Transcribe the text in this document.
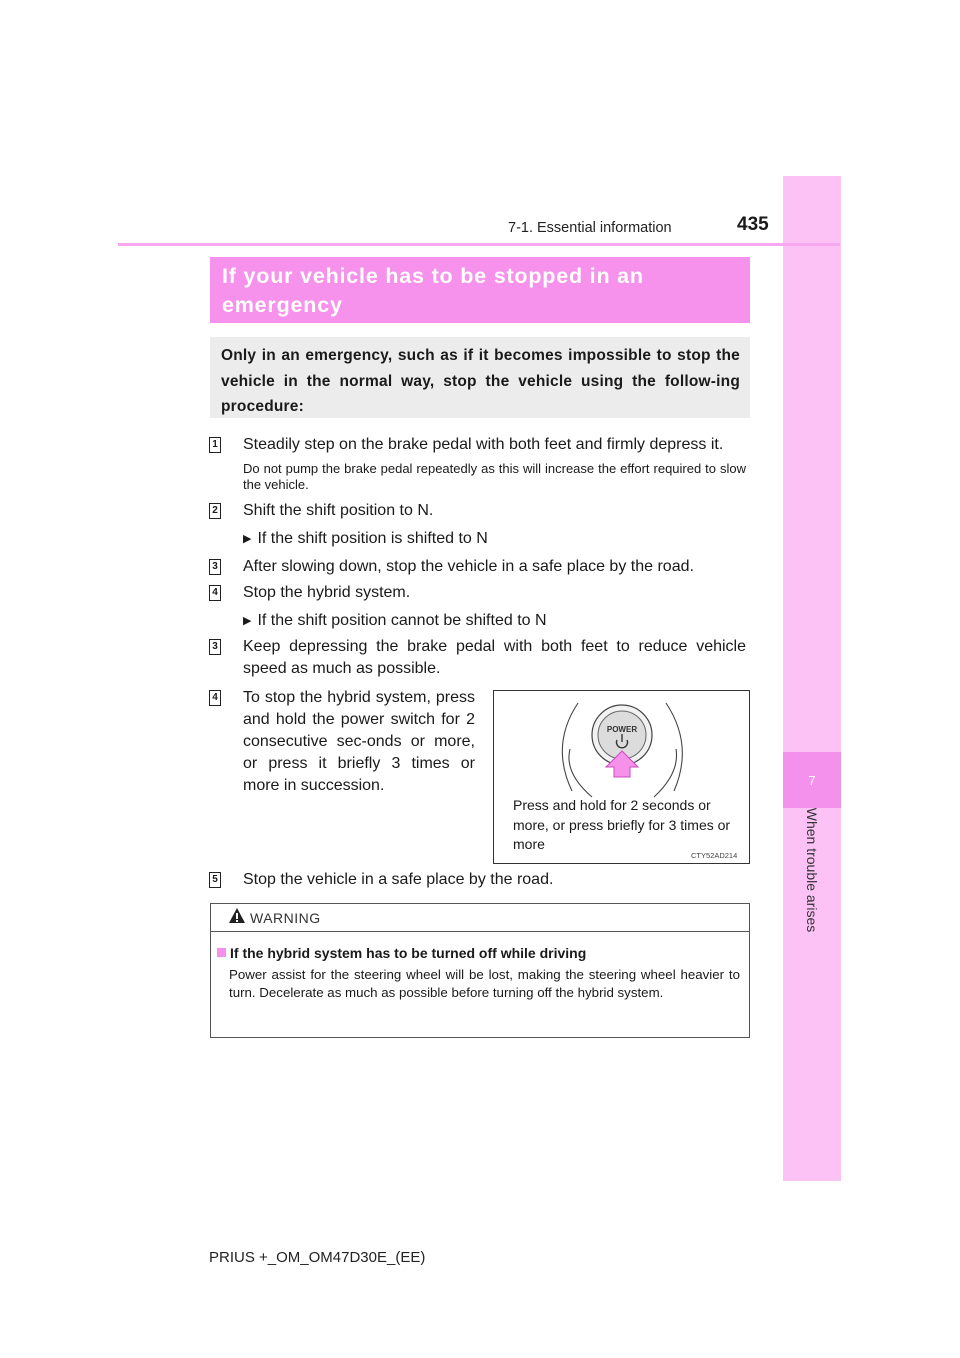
7
When trouble arises
7-1. Essential information	435
If your vehicle has to be stopped in an emergency
Only in an emergency, such as if it becomes impossible to stop the vehicle in the normal way, stop the vehicle using the follow-ing procedure:
1 Steadily step on the brake pedal with both feet and firmly depress it.
Do not pump the brake pedal repeatedly as this will increase the effort required to slow the vehicle.
2 Shift the shift position to N.
▶ If the shift position is shifted to N
3 After slowing down, stop the vehicle in a safe place by the road.
4 Stop the hybrid system.
▶ If the shift position cannot be shifted to N
3 Keep depressing the brake pedal with both feet to reduce vehicle speed as much as possible.
4 To stop the hybrid system, press and hold the power switch for 2 consecutive sec-onds or more, or press it briefly 3 times or more in succession.
POWER
Press and hold for 2 seconds or more, or press briefly for 3 times or more
CTY52AD214
5 Stop the vehicle in a safe place by the road.
WARNING
If the hybrid system has to be turned off while driving
Power assist for the steering wheel will be lost, making the steering wheel heavier to turn. Decelerate as much as possible before turning off the hybrid system.
PRIUS +_OM_OM47D30E_(EE)
